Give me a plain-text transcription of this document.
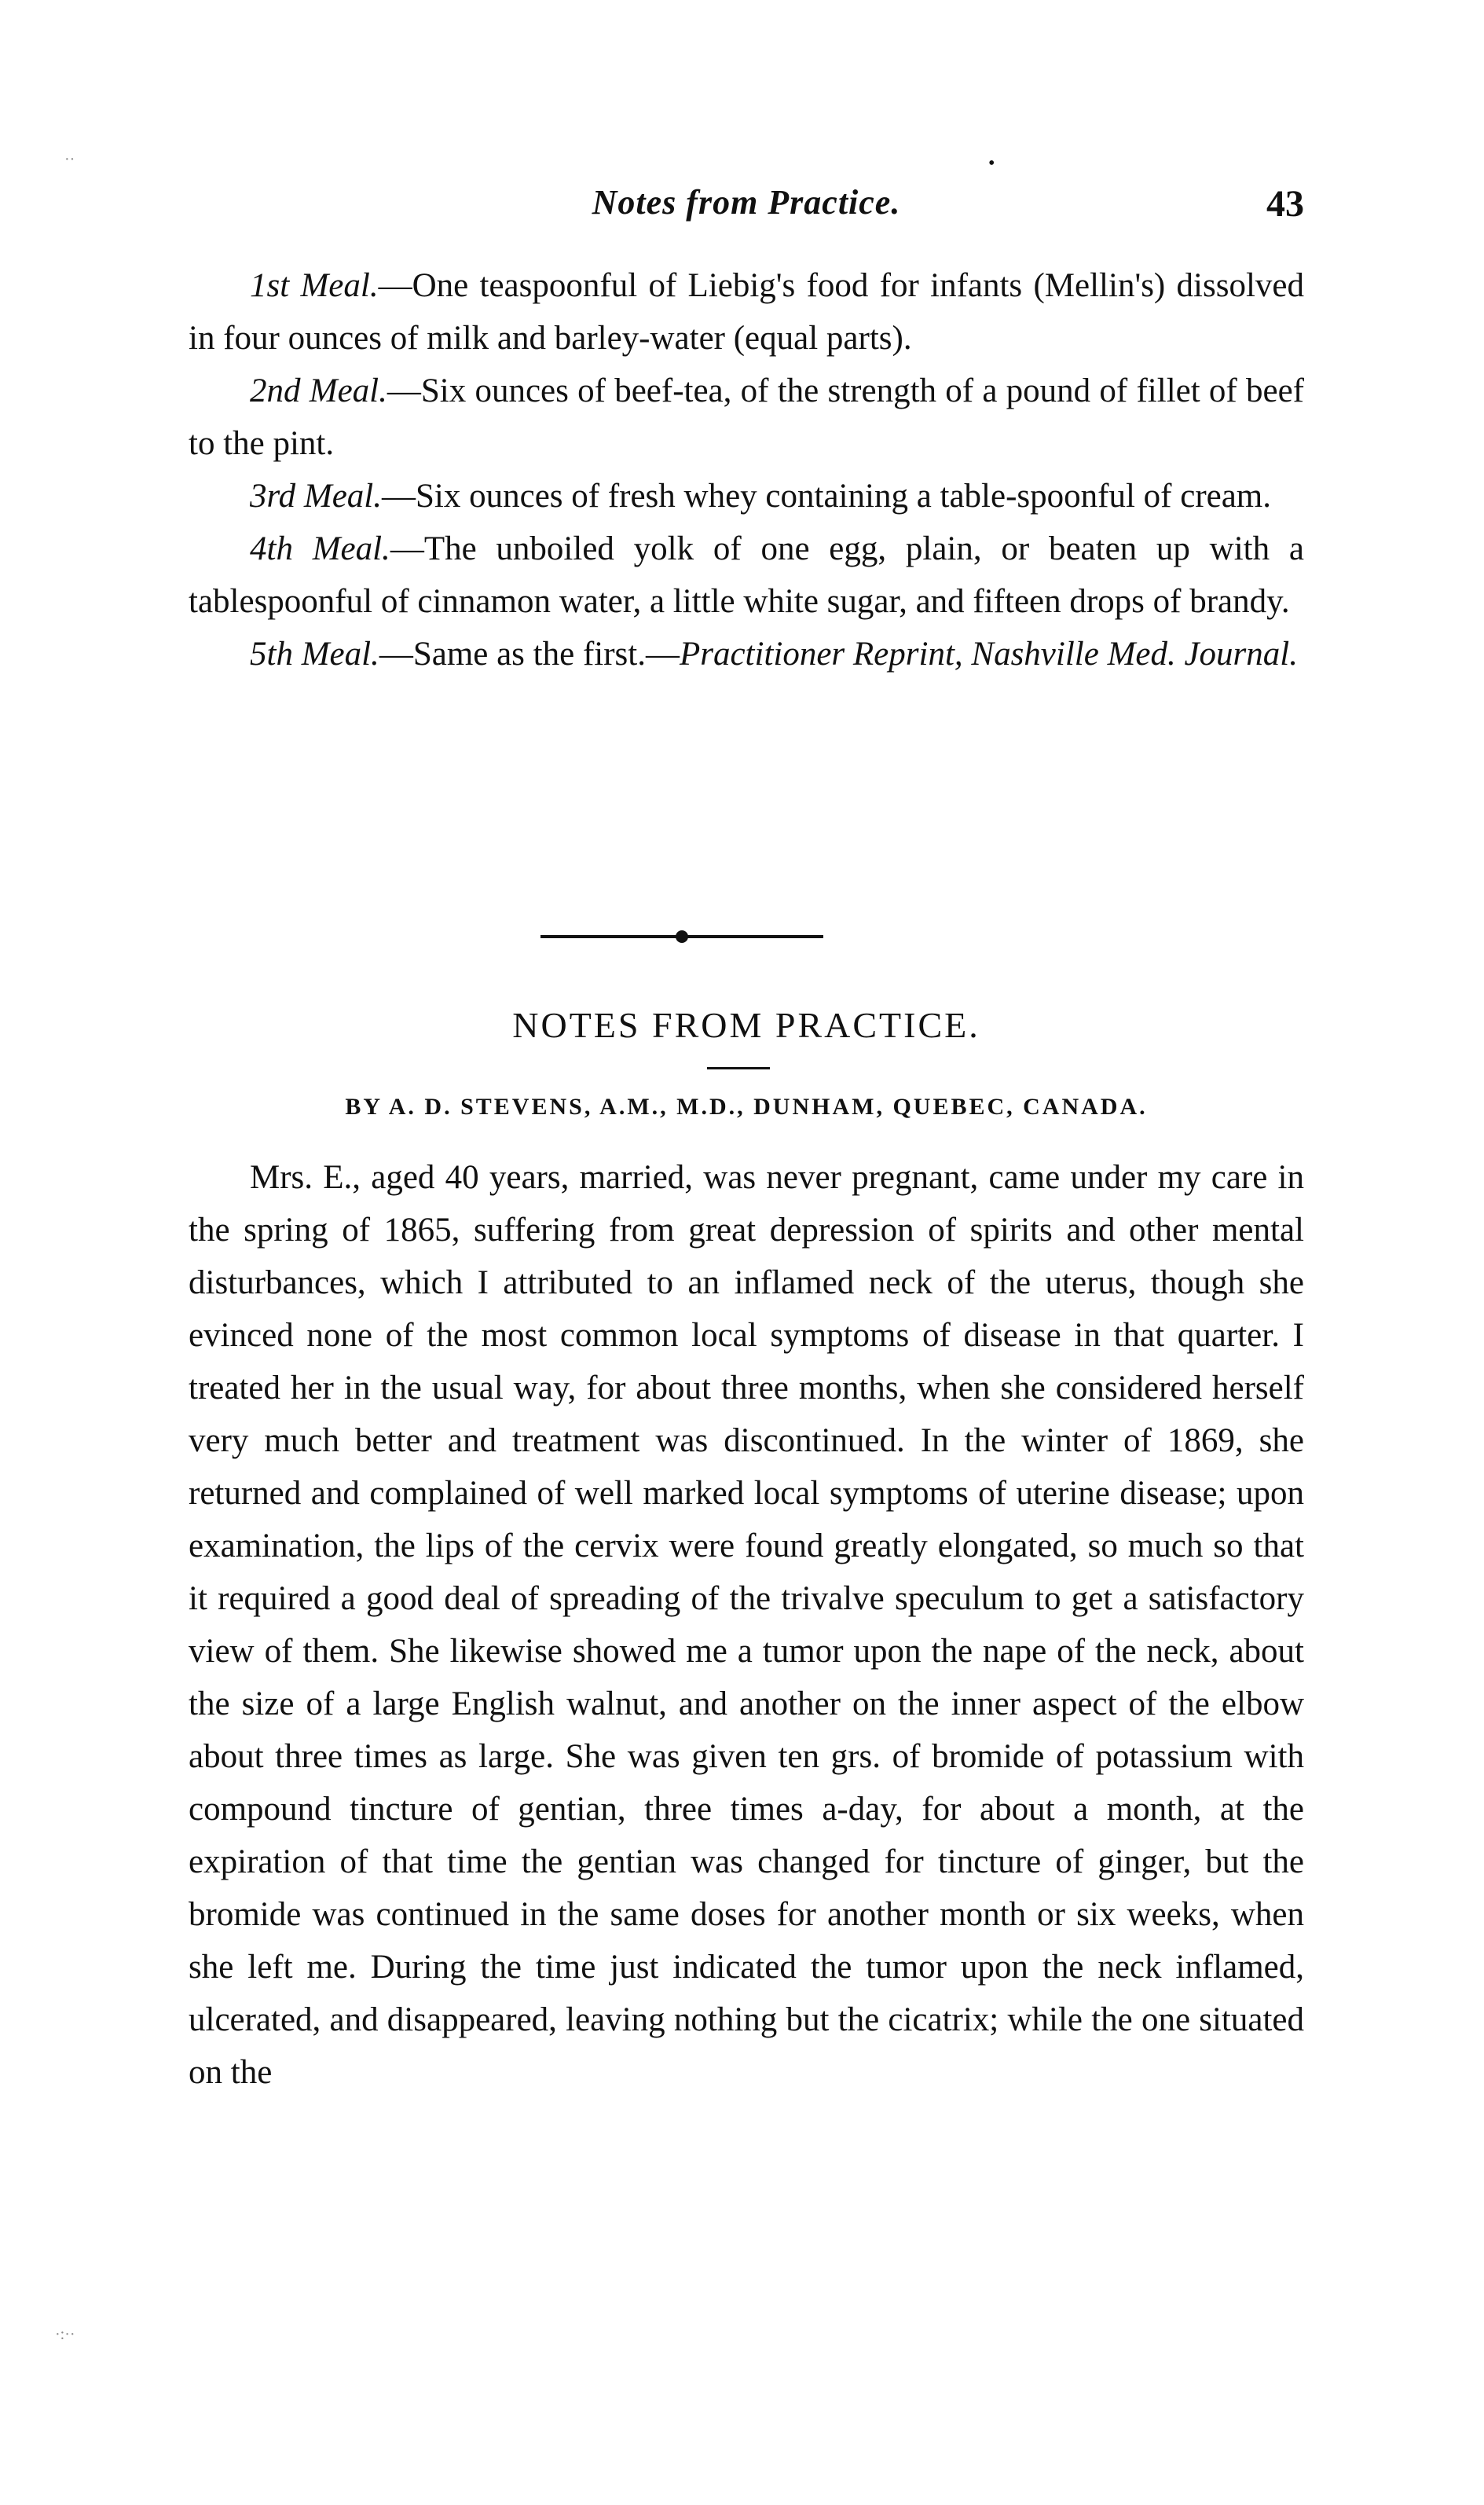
Notes from Practice.	43

1st Meal.—One teaspoonful of Liebig's food for infants (Mellin's) dissolved in four ounces of milk and barley-water (equal parts).

2nd Meal.—Six ounces of beef-tea, of the strength of a pound of fillet of beef to the pint.

3rd Meal.—Six ounces of fresh whey containing a table-spoonful of cream.

4th Meal.—The unboiled yolk of one egg, plain, or beaten up with a tablespoonful of cinnamon water, a little white sugar, and fifteen drops of brandy.

5th Meal.—Same as the first.—Practitioner Reprint, Nashville Med. Journal.

NOTES FROM PRACTICE.
BY A. D. STEVENS, A.M., M.D., DUNHAM, QUEBEC, CANADA.

Mrs. E., aged 40 years, married, was never pregnant, came under my care in the spring of 1865, suffering from great depression of spirits and other mental disturbances, which I attributed to an inflamed neck of the uterus, though she evinced none of the most common local symptoms of disease in that quarter. I treated her in the usual way, for about three months, when she considered herself very much better and treatment was discontinued. In the winter of 1869, she returned and complained of well marked local symptoms of uterine disease; upon examination, the lips of the cervix were found greatly elongated, so much so that it required a good deal of spreading of the trivalve speculum to get a satisfactory view of them. She likewise showed me a tumor upon the nape of the neck, about the size of a large English walnut, and another on the inner aspect of the elbow about three times as large. She was given ten grs. of bromide of potassium with compound tincture of gentian, three times a-day, for about a month, at the expiration of that time the gentian was changed for tincture of ginger, but the bromide was continued in the same doses for another month or six weeks, when she left me. During the time just indicated the tumor upon the neck inflamed, ulcerated, and disappeared, leaving nothing but the cicatrix; while the one situated on the

··	•
·:··
